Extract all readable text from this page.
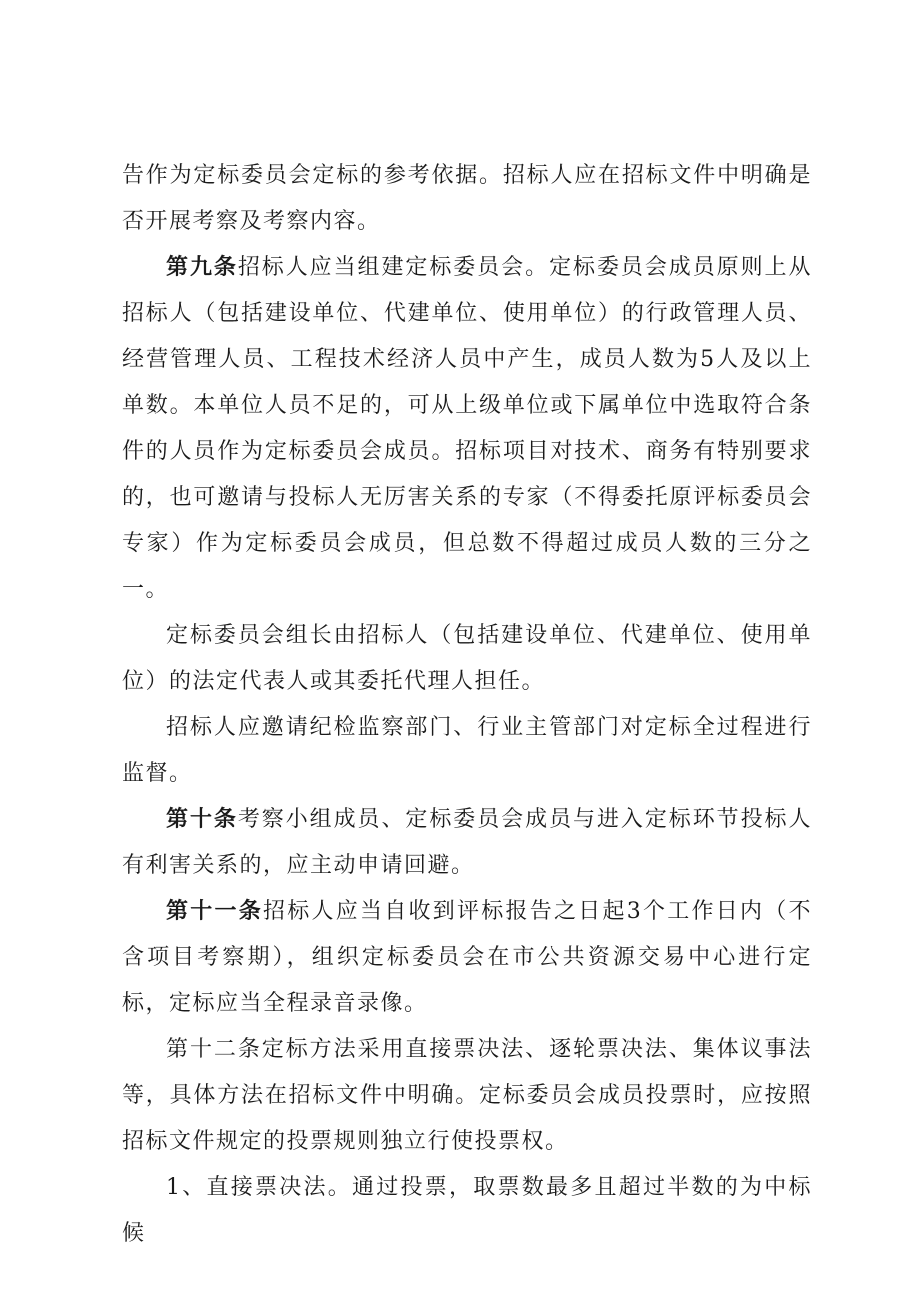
告作为定标委员会定标的参考依据。招标人应在招标文件中明确是否开展考察及考察内容。

第九条招标人应当组建定标委员会。定标委员会成员原则上从招标人（包括建设单位、代建单位、使用单位）的行政管理人员、经营管理人员、工程技术经济人员中产生，成员人数为5人及以上单数。本单位人员不足的，可从上级单位或下属单位中选取符合条件的人员作为定标委员会成员。招标项目对技术、商务有特别要求的，也可邀请与投标人无厉害关系的专家（不得委托原评标委员会专家）作为定标委员会成员，但总数不得超过成员人数的三分之一。

定标委员会组长由招标人（包括建设单位、代建单位、使用单位）的法定代表人或其委托代理人担任。

招标人应邀请纪检监察部门、行业主管部门对定标全过程进行监督。

第十条考察小组成员、定标委员会成员与进入定标环节投标人有利害关系的，应主动申请回避。

第十一条招标人应当自收到评标报告之日起3个工作日内（不含项目考察期），组织定标委员会在市公共资源交易中心进行定标，定标应当全程录音录像。

第十二条定标方法采用直接票决法、逐轮票决法、集体议事法等，具体方法在招标文件中明确。定标委员会成员投票时，应按照招标文件规定的投票规则独立行使投票权。

1、直接票决法。通过投票，取票数最多且超过半数的为中标候
